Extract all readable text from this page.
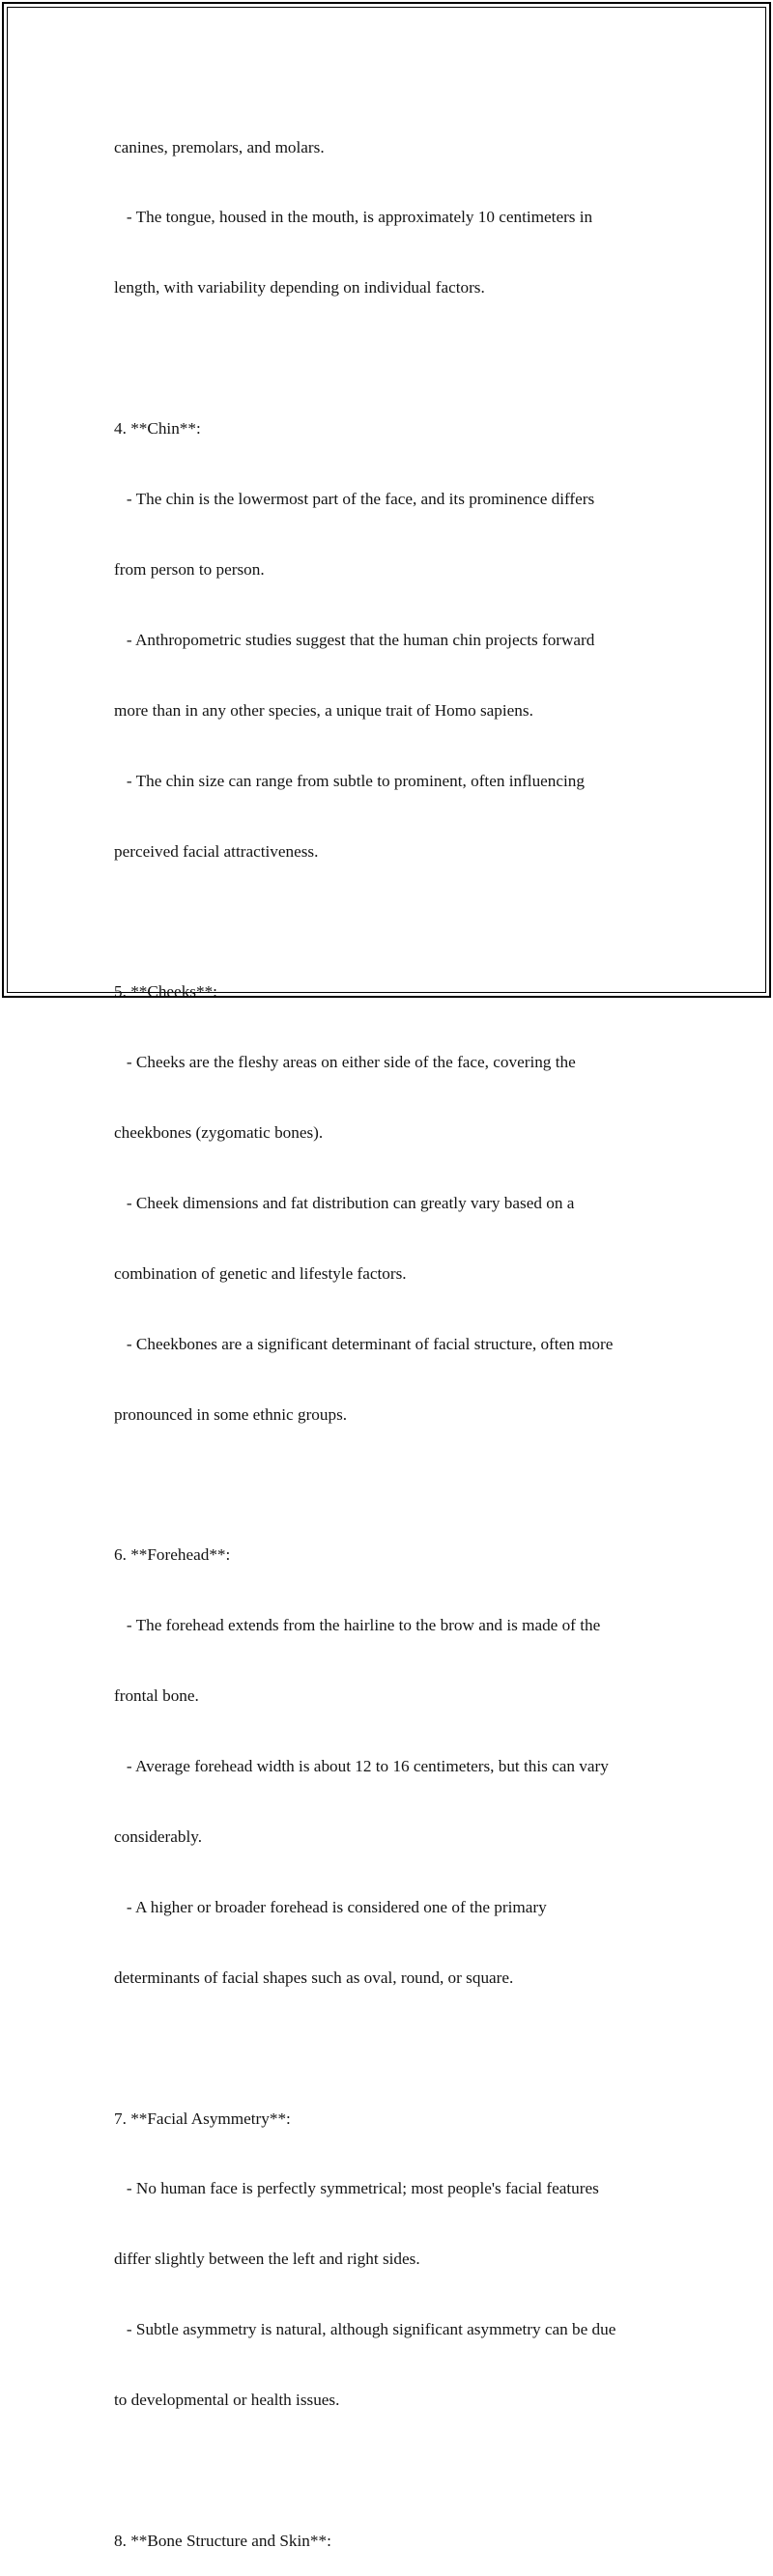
canines, premolars, and molars.

- The tongue, housed in the mouth, is approximately 10 centimeters in

length, with variability depending on individual factors.

4. **Chin**:

- The chin is the lowermost part of the face, and its prominence differs

from person to person.

- Anthropometric studies suggest that the human chin projects forward

more than in any other species, a unique trait of Homo sapiens.

- The chin size can range from subtle to prominent, often influencing

perceived facial attractiveness.

5. **Cheeks**:

- Cheeks are the fleshy areas on either side of the face, covering the

cheekbones (zygomatic bones).

- Cheek dimensions and fat distribution can greatly vary based on a

combination of genetic and lifestyle factors.

- Cheekbones are a significant determinant of facial structure, often more

pronounced in some ethnic groups.

6. **Forehead**:

- The forehead extends from the hairline to the brow and is made of the

frontal bone.

- Average forehead width is about 12 to 16 centimeters, but this can vary

considerably.

- A higher or broader forehead is considered one of the primary

determinants of facial shapes such as oval, round, or square.

7. **Facial Asymmetry**:

- No human face is perfectly symmetrical; most people's facial features

differ slightly between the left and right sides.

- Subtle asymmetry is natural, although significant asymmetry can be due

to developmental or health issues.

8. **Bone Structure and Skin**:
